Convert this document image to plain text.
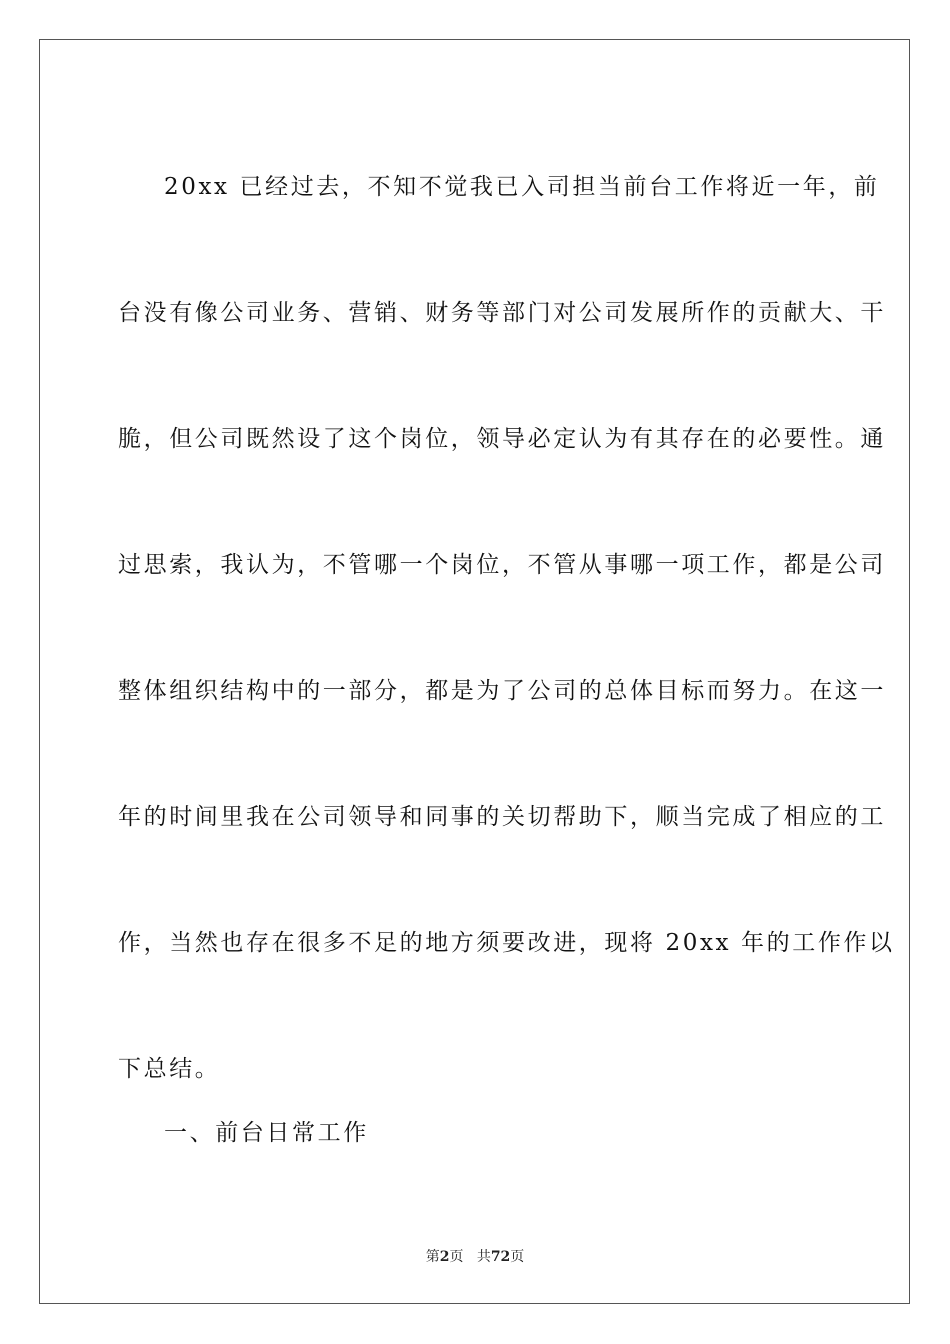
20xx 已经过去，不知不觉我已入司担当前台工作将近一年，前
台没有像公司业务、营销、财务等部门对公司发展所作的贡献大、干
脆，但公司既然设了这个岗位，领导必定认为有其存在的必要性。通
过思索，我认为，不管哪一个岗位，不管从事哪一项工作，都是公司
整体组织结构中的一部分，都是为了公司的总体目标而努力。在这一
年的时间里我在公司领导和同事的关切帮助下，顺当完成了相应的工
作，当然也存在很多不足的地方须要改进，现将 20xx 年的工作作以
下总结。
一、前台日常工作
第2页 共72页
